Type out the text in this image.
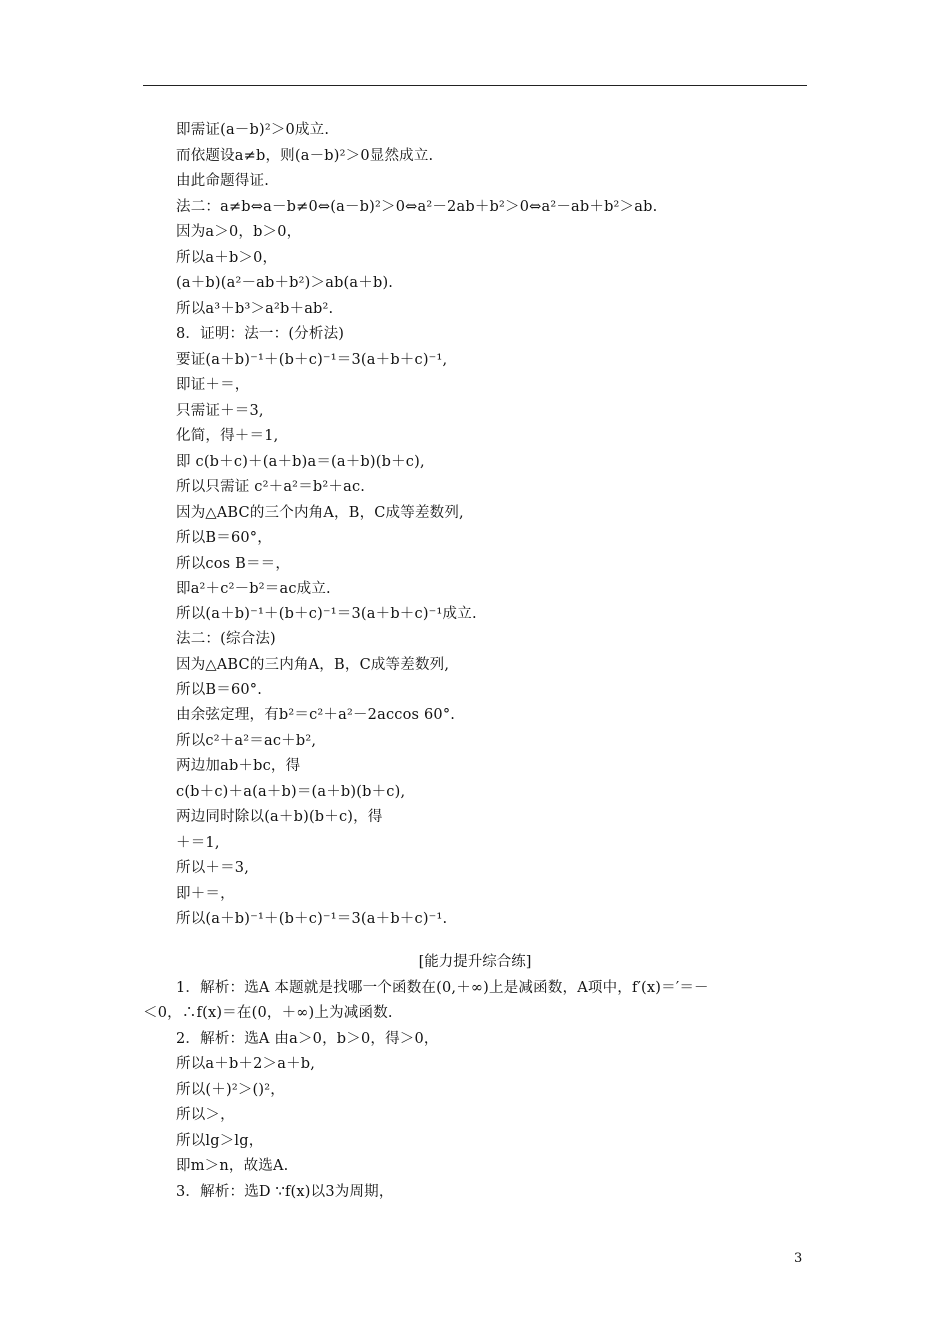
即需证(a－b)²＞0成立.
而依题设a≠b，则(a－b)²＞0显然成立.
由此命题得证.
法二：a≠b⇔a－b≠0⇔(a－b)²＞0⇔a²－2ab＋b²＞0⇔a²－ab＋b²＞ab.
因为a＞0，b＞0，
所以a＋b＞0，
(a＋b)(a²－ab＋b²)＞ab(a＋b).
所以a³＋b³＞a²b＋ab².
8．证明：法一：(分析法)
要证(a＋b)⁻¹＋(b＋c)⁻¹＝3(a＋b＋c)⁻¹,
即证＋＝，
只需证＋＝3,
化简，得＋＝1,
即 c(b＋c)＋(a＋b)a＝(a＋b)(b＋c),
所以只需证 c²＋a²＝b²＋ac.
因为△ABC的三个内角A，B，C成等差数列,
所以B＝60°，
所以cos B＝＝，
即a²＋c²－b²＝ac成立.
所以(a＋b)⁻¹＋(b＋c)⁻¹＝3(a＋b＋c)⁻¹成立.
法二：(综合法)
因为△ABC的三内角A，B，C成等差数列,
所以B＝60°.
由余弦定理，有b²＝c²＋a²－2accos 60°.
所以c²＋a²＝ac＋b²,
两边加ab＋bc，得
c(b＋c)＋a(a＋b)＝(a＋b)(b＋c),
两边同时除以(a＋b)(b＋c)，得
＋＝1,
所以＋＝3,
即＋＝，
所以(a＋b)⁻¹＋(b＋c)⁻¹＝3(a＋b＋c)⁻¹.
[能力提升综合练]
1．解析：选A 本题就是找哪一个函数在(0,＋∞)上是减函数，A项中，f′(x)＝′＝－
＜0，∴f(x)＝在(0，＋∞)上为减函数.
2．解析：选A 由a＞0，b＞0，得＞0，
所以a＋b＋2＞a＋b,
所以(＋)²＞()²，
所以＞，
所以lg＞lg，
即m＞n，故选A.
3．解析：选D ∵f(x)以3为周期，
3
